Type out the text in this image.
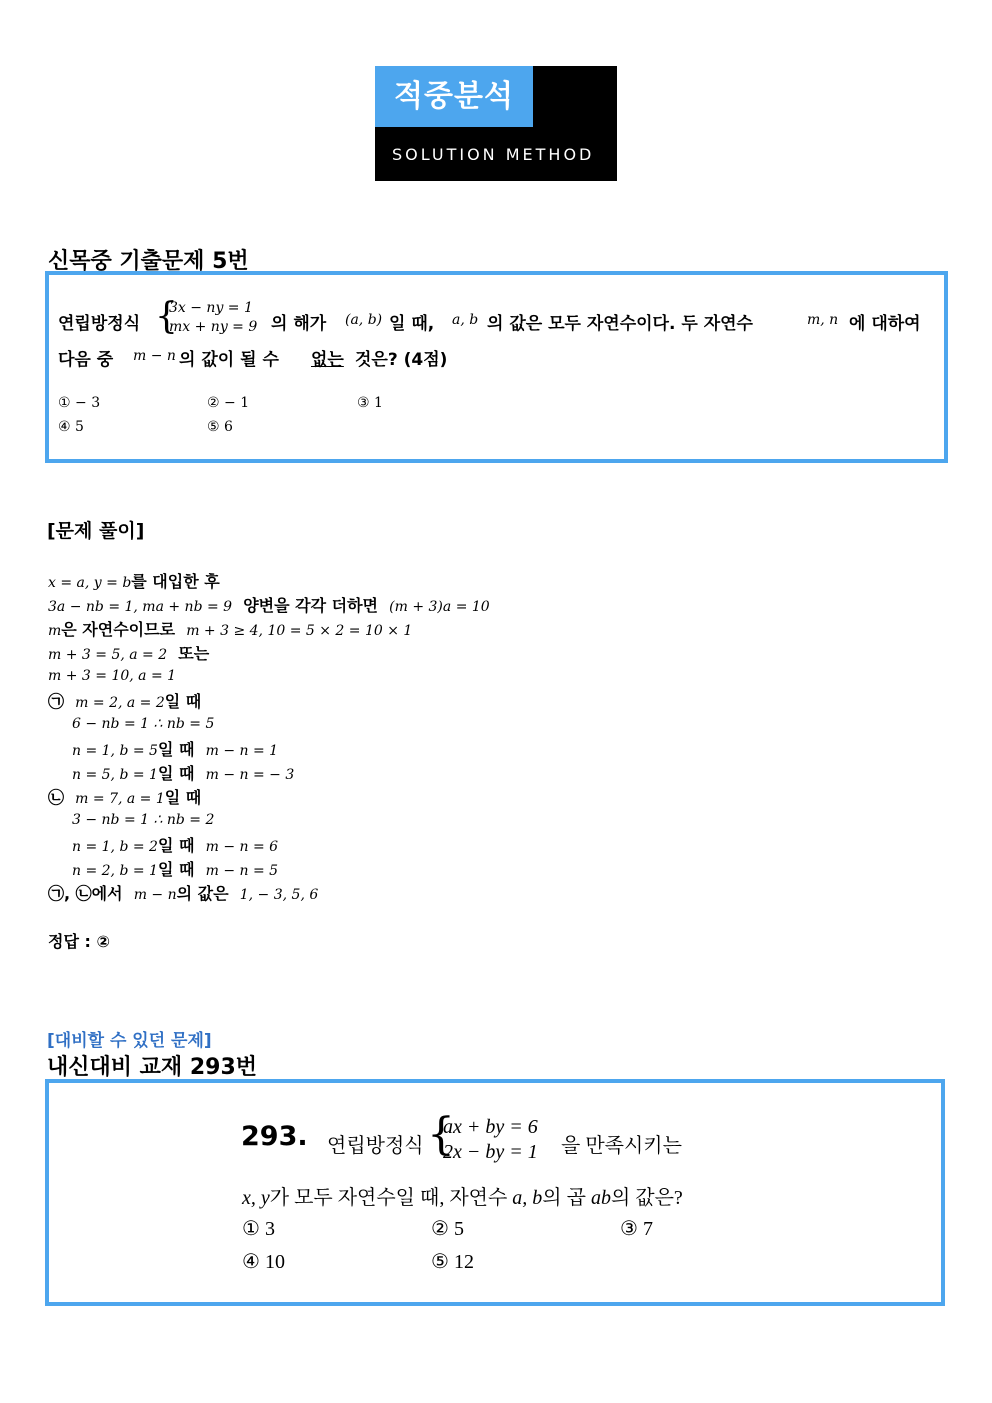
적중분석
SOLUTION METHOD
신목중 기출문제 5번
연립방정식 {
3x − ny = 1
mx + ny = 9 의 해가 (a, b) 일 때, a, b 의 값은 모두 자연수이다. 두 자연수	m, n 에 대하여
다음 중 m − n 의 값이 될 수 없는 것은? (4점)
① − 3	② − 1	③ 1
④ 5	⑤ 6
[문제 풀이]
x = a, y = b를 대입한 후
3a − nb = 1, ma + nb = 9 양변을 각각 더하면 (m + 3)a = 10
m은 자연수이므로 m + 3 ≥ 4, 10 = 5 × 2 = 10 × 1
m + 3 = 5, a = 2 또는
m + 3 = 10, a = 1
㉠ m = 2, a = 2일 때
6 − nb = 1 ∴ nb = 5
n = 1, b = 5일 때 m − n = 1
n = 5, b = 1일 때 m − n = − 3
㉡ m = 7, a = 1일 때
3 − nb = 1 ∴ nb = 2
n = 1, b = 2일 때 m − n = 6
n = 2, b = 1일 때 m − n = 5
㉠, ㉡에서 m − n의 값은 1, − 3, 5, 6
정답 : ②
[대비할 수 있던 문제]
내신대비 교재 293번
293. 연립방정식 {
ax + by = 6
2x − by = 1 을 만족시키는
x, y가 모두 자연수일 때, 자연수 a, b의 곱 ab의 값은?
① 3	② 5	③ 7
④ 10	⑤ 12
